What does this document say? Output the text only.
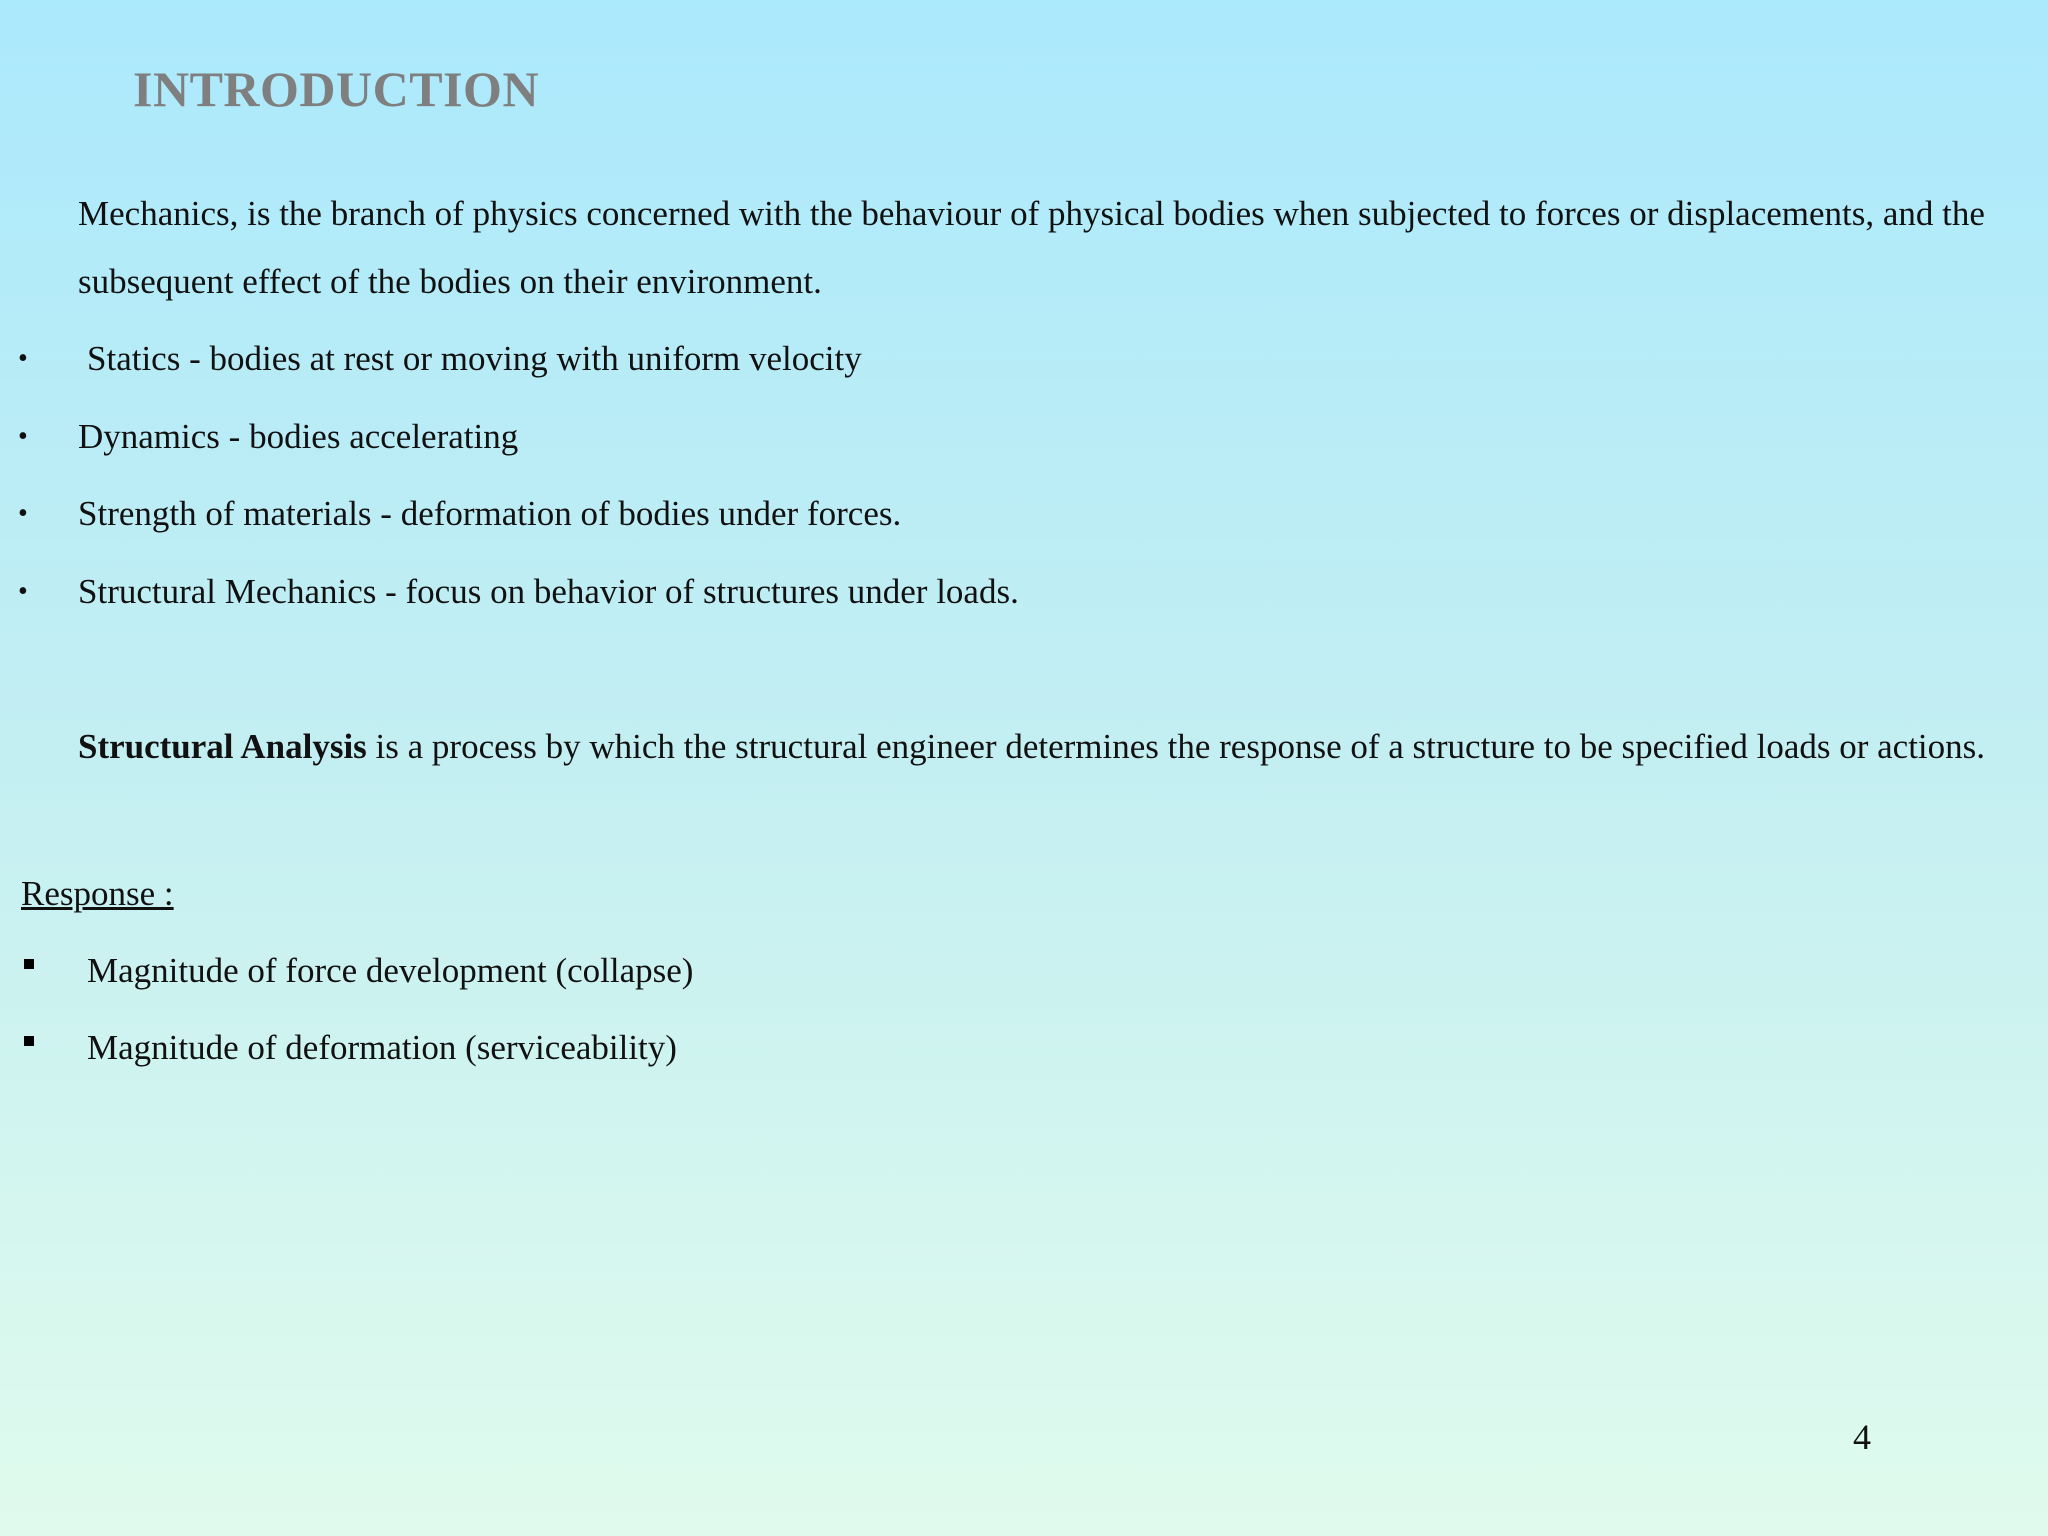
INTRODUCTION
Mechanics, is the branch of physics concerned with the behaviour of physical bodies when subjected to forces or displacements, and the subsequent effect of the bodies on their environment.
• Statics - bodies at rest or moving with uniform velocity
• Dynamics - bodies accelerating
• Strength of materials - deformation of bodies under forces.
• Structural Mechanics - focus on behavior of structures under loads.
Structural Analysis is a process by which the structural engineer determines the response of a structure to be specified loads or actions.
Response :
Magnitude of force development (collapse)
Magnitude of deformation (serviceability)
4
